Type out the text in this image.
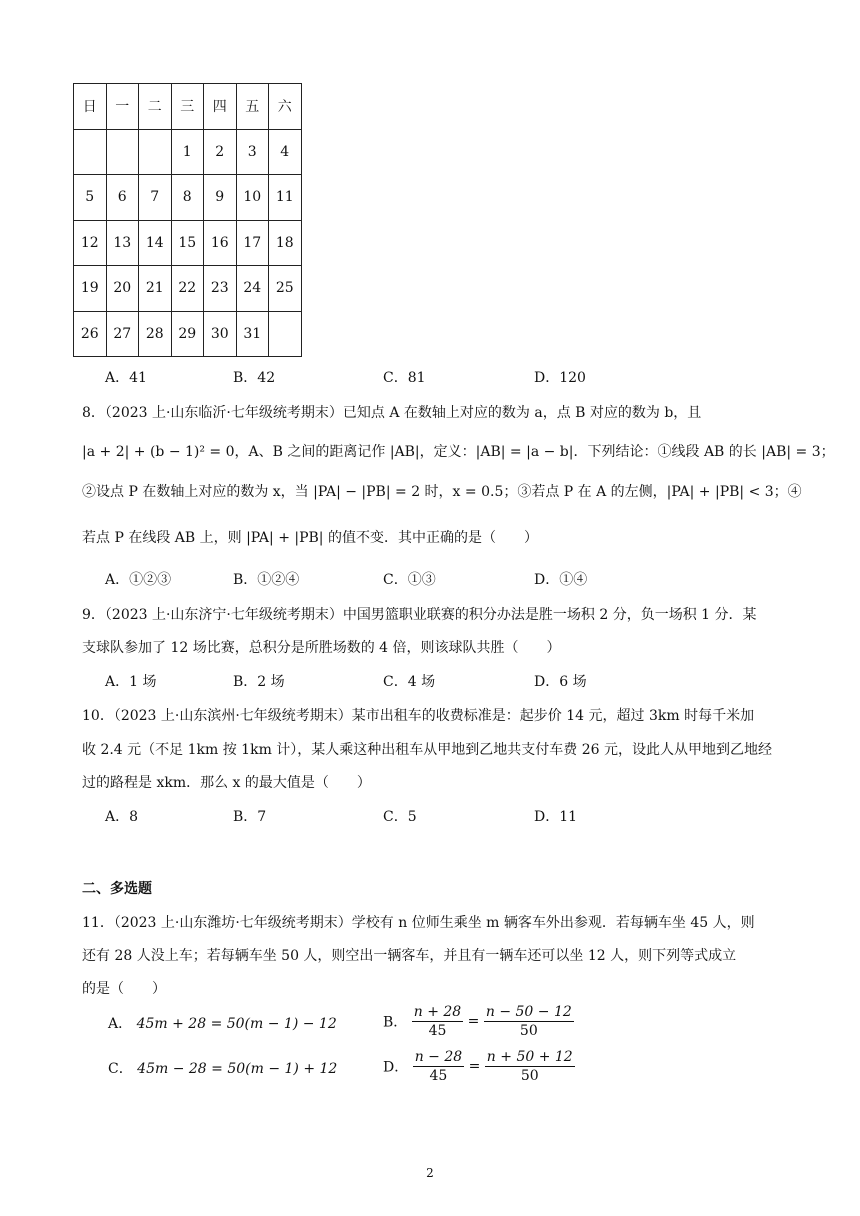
日	一	二	三	四	五	六
			1	2	3	4
5	6	7	8	9	10	11
12	13	14	15	16	17	18
19	20	21	22	23	24	25
26	27	28	29	30	31	
A．41	B．42	C．81	D．120
8．（2023 上·山东临沂·七年级统考期末）已知点 A 在数轴上对应的数为 a，点 B 对应的数为 b，且
|a + 2| + (b − 1)² = 0，A、B 之间的距离记作 |AB|，定义：|AB| = |a − b|．下列结论：①线段 AB 的长 |AB| = 3；
②设点 P 在数轴上对应的数为 x，当 |PA| − |PB| = 2 时，x = 0.5；③若点 P 在 A 的左侧，|PA| + |PB| < 3；④
若点 P 在线段 AB 上，则 |PA| + |PB| 的值不变．其中正确的是（　　）
A．①②③	B．①②④	C．①③	D．①④
9．（2023 上·山东济宁·七年级统考期末）中国男篮职业联赛的积分办法是胜一场积 2 分，负一场积 1 分．某
支球队参加了 12 场比赛，总积分是所胜场数的 4 倍，则该球队共胜（　　）
A．1 场	B．2 场	C．4 场	D．6 场
10．（2023 上·山东滨州·七年级统考期末）某市出租车的收费标准是：起步价 14 元，超过 3km 时每千米加
收 2.4 元（不足 1km 按 1km 计），某人乘这种出租车从甲地到乙地共支付车费 26 元，设此人从甲地到乙地经
过的路程是 xkm．那么 x 的最大值是（　　）
A．8	B．7	C．5	D．11
二、多选题
11．（2023 上·山东潍坊·七年级统考期末）学校有 n 位师生乘坐 m 辆客车外出参观．若每辆车坐 45 人，则
还有 28 人没上车；若每辆车坐 50 人，则空出一辆客车，并且有一辆车还可以坐 12 人，则下列等式成立
的是（　　）
A． 45m + 28 = 50(m − 1) − 12	B． $\frac{n + 28}{45} = \frac{n - 50 - 12}{50}$
C． 45m − 28 = 50(m − 1) + 12	D． $\frac{n - 28}{45} = \frac{n + 50 + 12}{50}$
2
